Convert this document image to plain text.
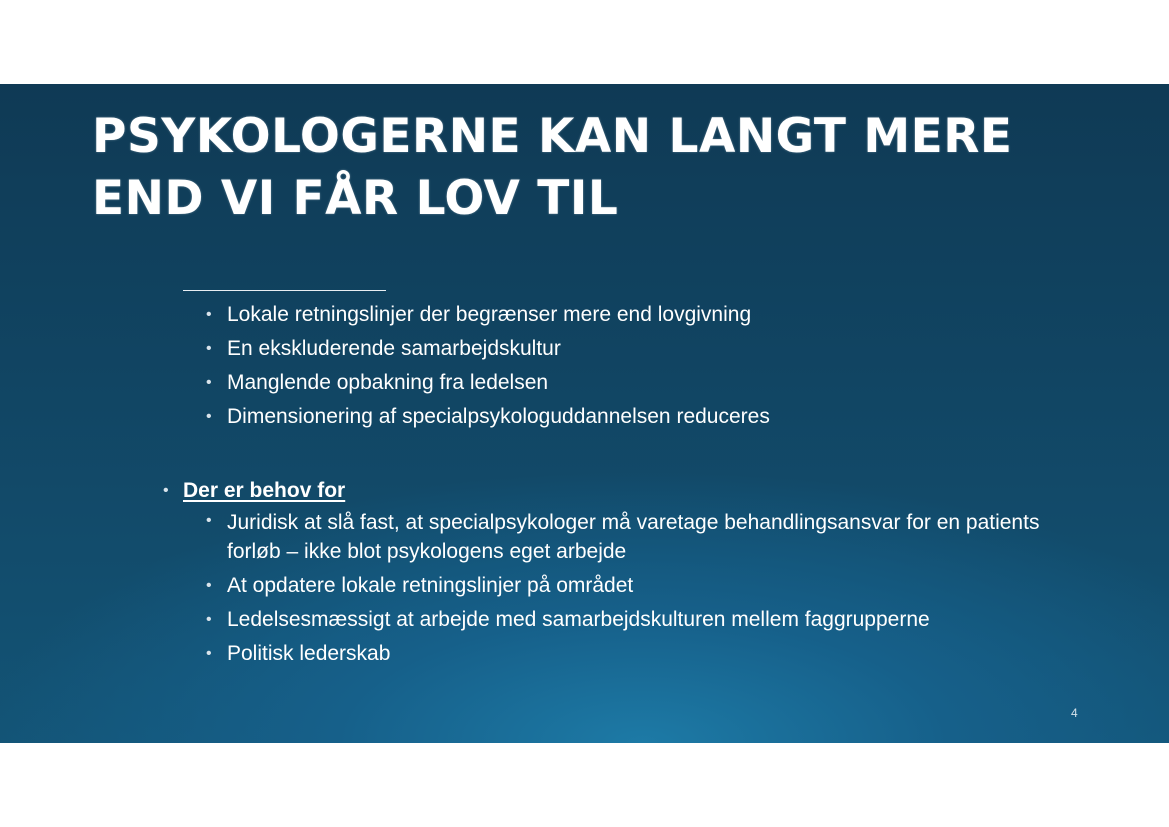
PSYKOLOGERNE KAN LANGT MERE
END VI FÅR LOV TIL
• Lokale retningslinjer der begrænser mere end lovgivning
• En ekskluderende samarbejdskultur
• Manglende opbakning fra ledelsen
• Dimensionering af specialpsykologuddannelsen reduceres
• Der er behov for
• Juridisk at slå fast, at specialpsykologer må varetage behandlingsansvar for en patients forløb – ikke blot psykologens eget arbejde
• At opdatere lokale retningslinjer på området
• Ledelsesmæssigt at arbejde med samarbejdskulturen mellem faggrupperne
• Politisk lederskab
4
